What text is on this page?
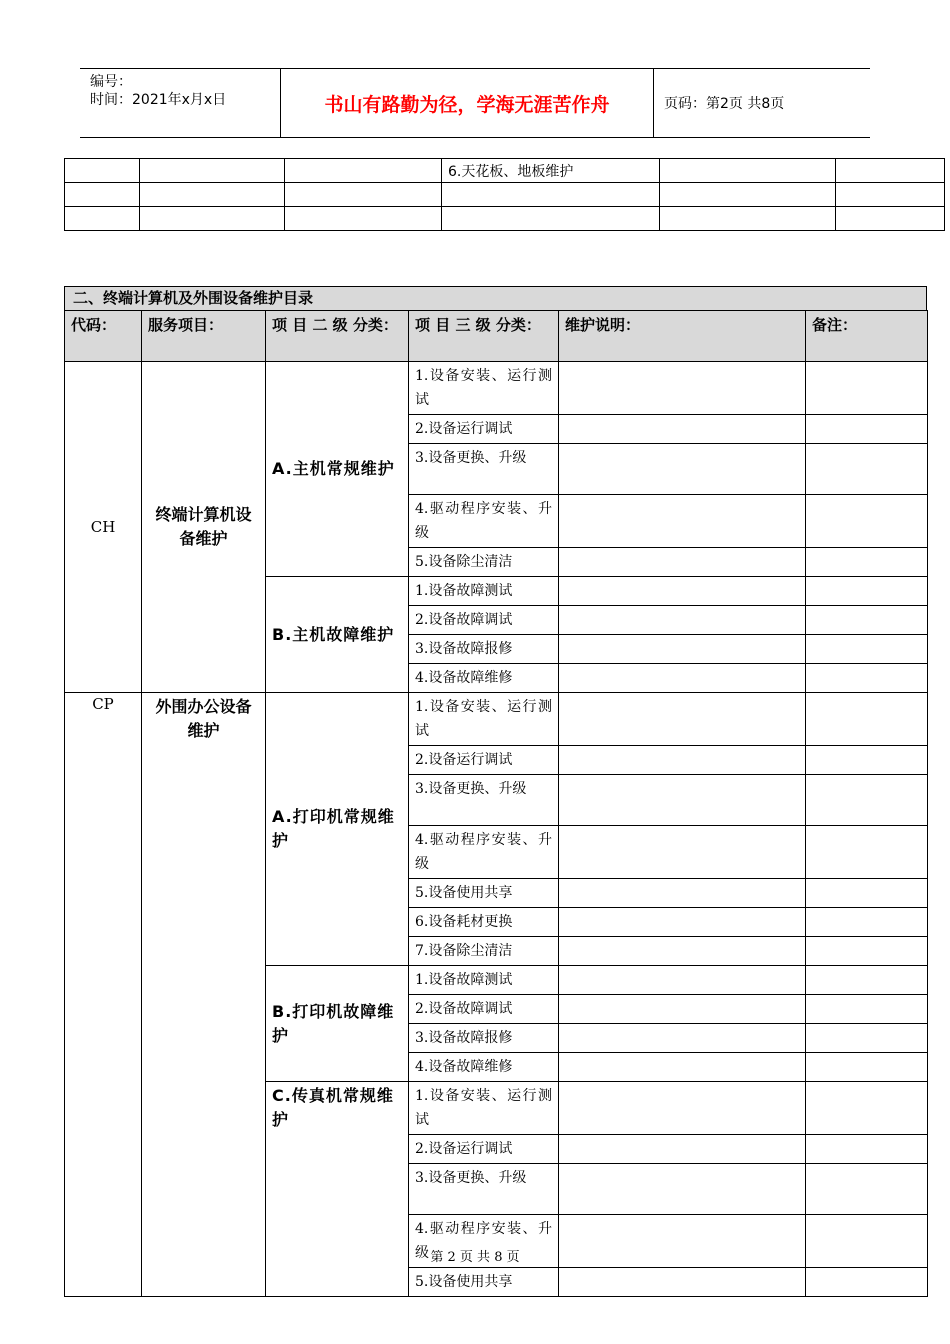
编号：
时间：2021年x月x日	书山有路勤为径，学海无涯苦作舟	页码：第2页 共8页
			6.天花板、地板维护		

二、终端计算机及外围设备维护目录
代码：	服务项目：	项 目 二 级 分类：	项 目 三 级 分类：	维护说明：	备注：
CH	终端计算机设备维护	A.主机常规维护	1.设备安装、运行测试		
			2.设备运行调试		
			3.设备更换、升级		
			4.驱动程序安装、升级		
			5.设备除尘清洁		
		B.主机故障维护	1.设备故障测试		
			2.设备故障调试		
			3.设备故障报修		
			4.设备故障维修		
CP	外围办公设备维护	A.打印机常规维护	1.设备安装、运行测试		
			2.设备运行调试		
			3.设备更换、升级		
			4.驱动程序安装、升级		
			5.设备使用共享		
			6.设备耗材更换		
			7.设备除尘清洁		
		B.打印机故障维护	1.设备故障测试		
			2.设备故障调试		
			3.设备故障报修		
			4.设备故障维修		
		C.传真机常规维护	1.设备安装、运行测试		
			2.设备运行调试		
			3.设备更换、升级		
			4.驱动程序安装、升级		
			5.设备使用共享		
第 2 页 共 8 页
